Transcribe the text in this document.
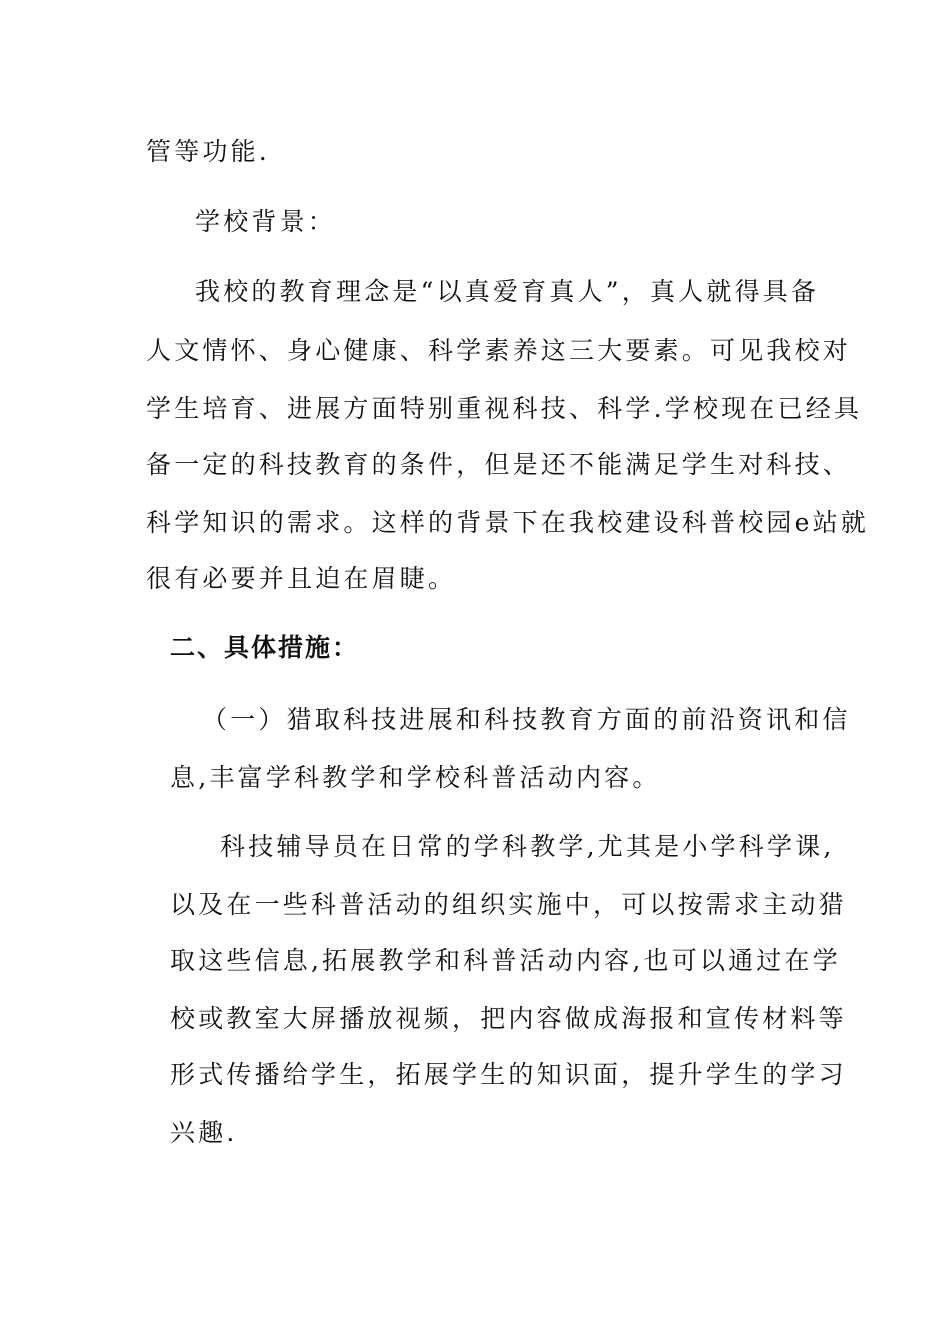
管等功能.
学校背景：
我校的教育理念是“以真爱育真人”，真人就得具备
人文情怀、身心健康、科学素养这三大要素。可见我校对
学生培育、进展方面特别重视科技、科学.学校现在已经具
备一定的科技教育的条件，但是还不能满足学生对科技、
科学知识的需求。这样的背景下在我校建设科普校园e站就
很有必要并且迫在眉睫。
二、具体措施：
（一）猎取科技进展和科技教育方面的前沿资讯和信
息,丰富学科教学和学校科普活动内容。
科技辅导员在日常的学科教学,尤其是小学科学课,
以及在一些科普活动的组织实施中，可以按需求主动猎
取这些信息,拓展教学和科普活动内容,也可以通过在学
校或教室大屏播放视频，把内容做成海报和宣传材料等
形式传播给学生，拓展学生的知识面，提升学生的学习
兴趣.
